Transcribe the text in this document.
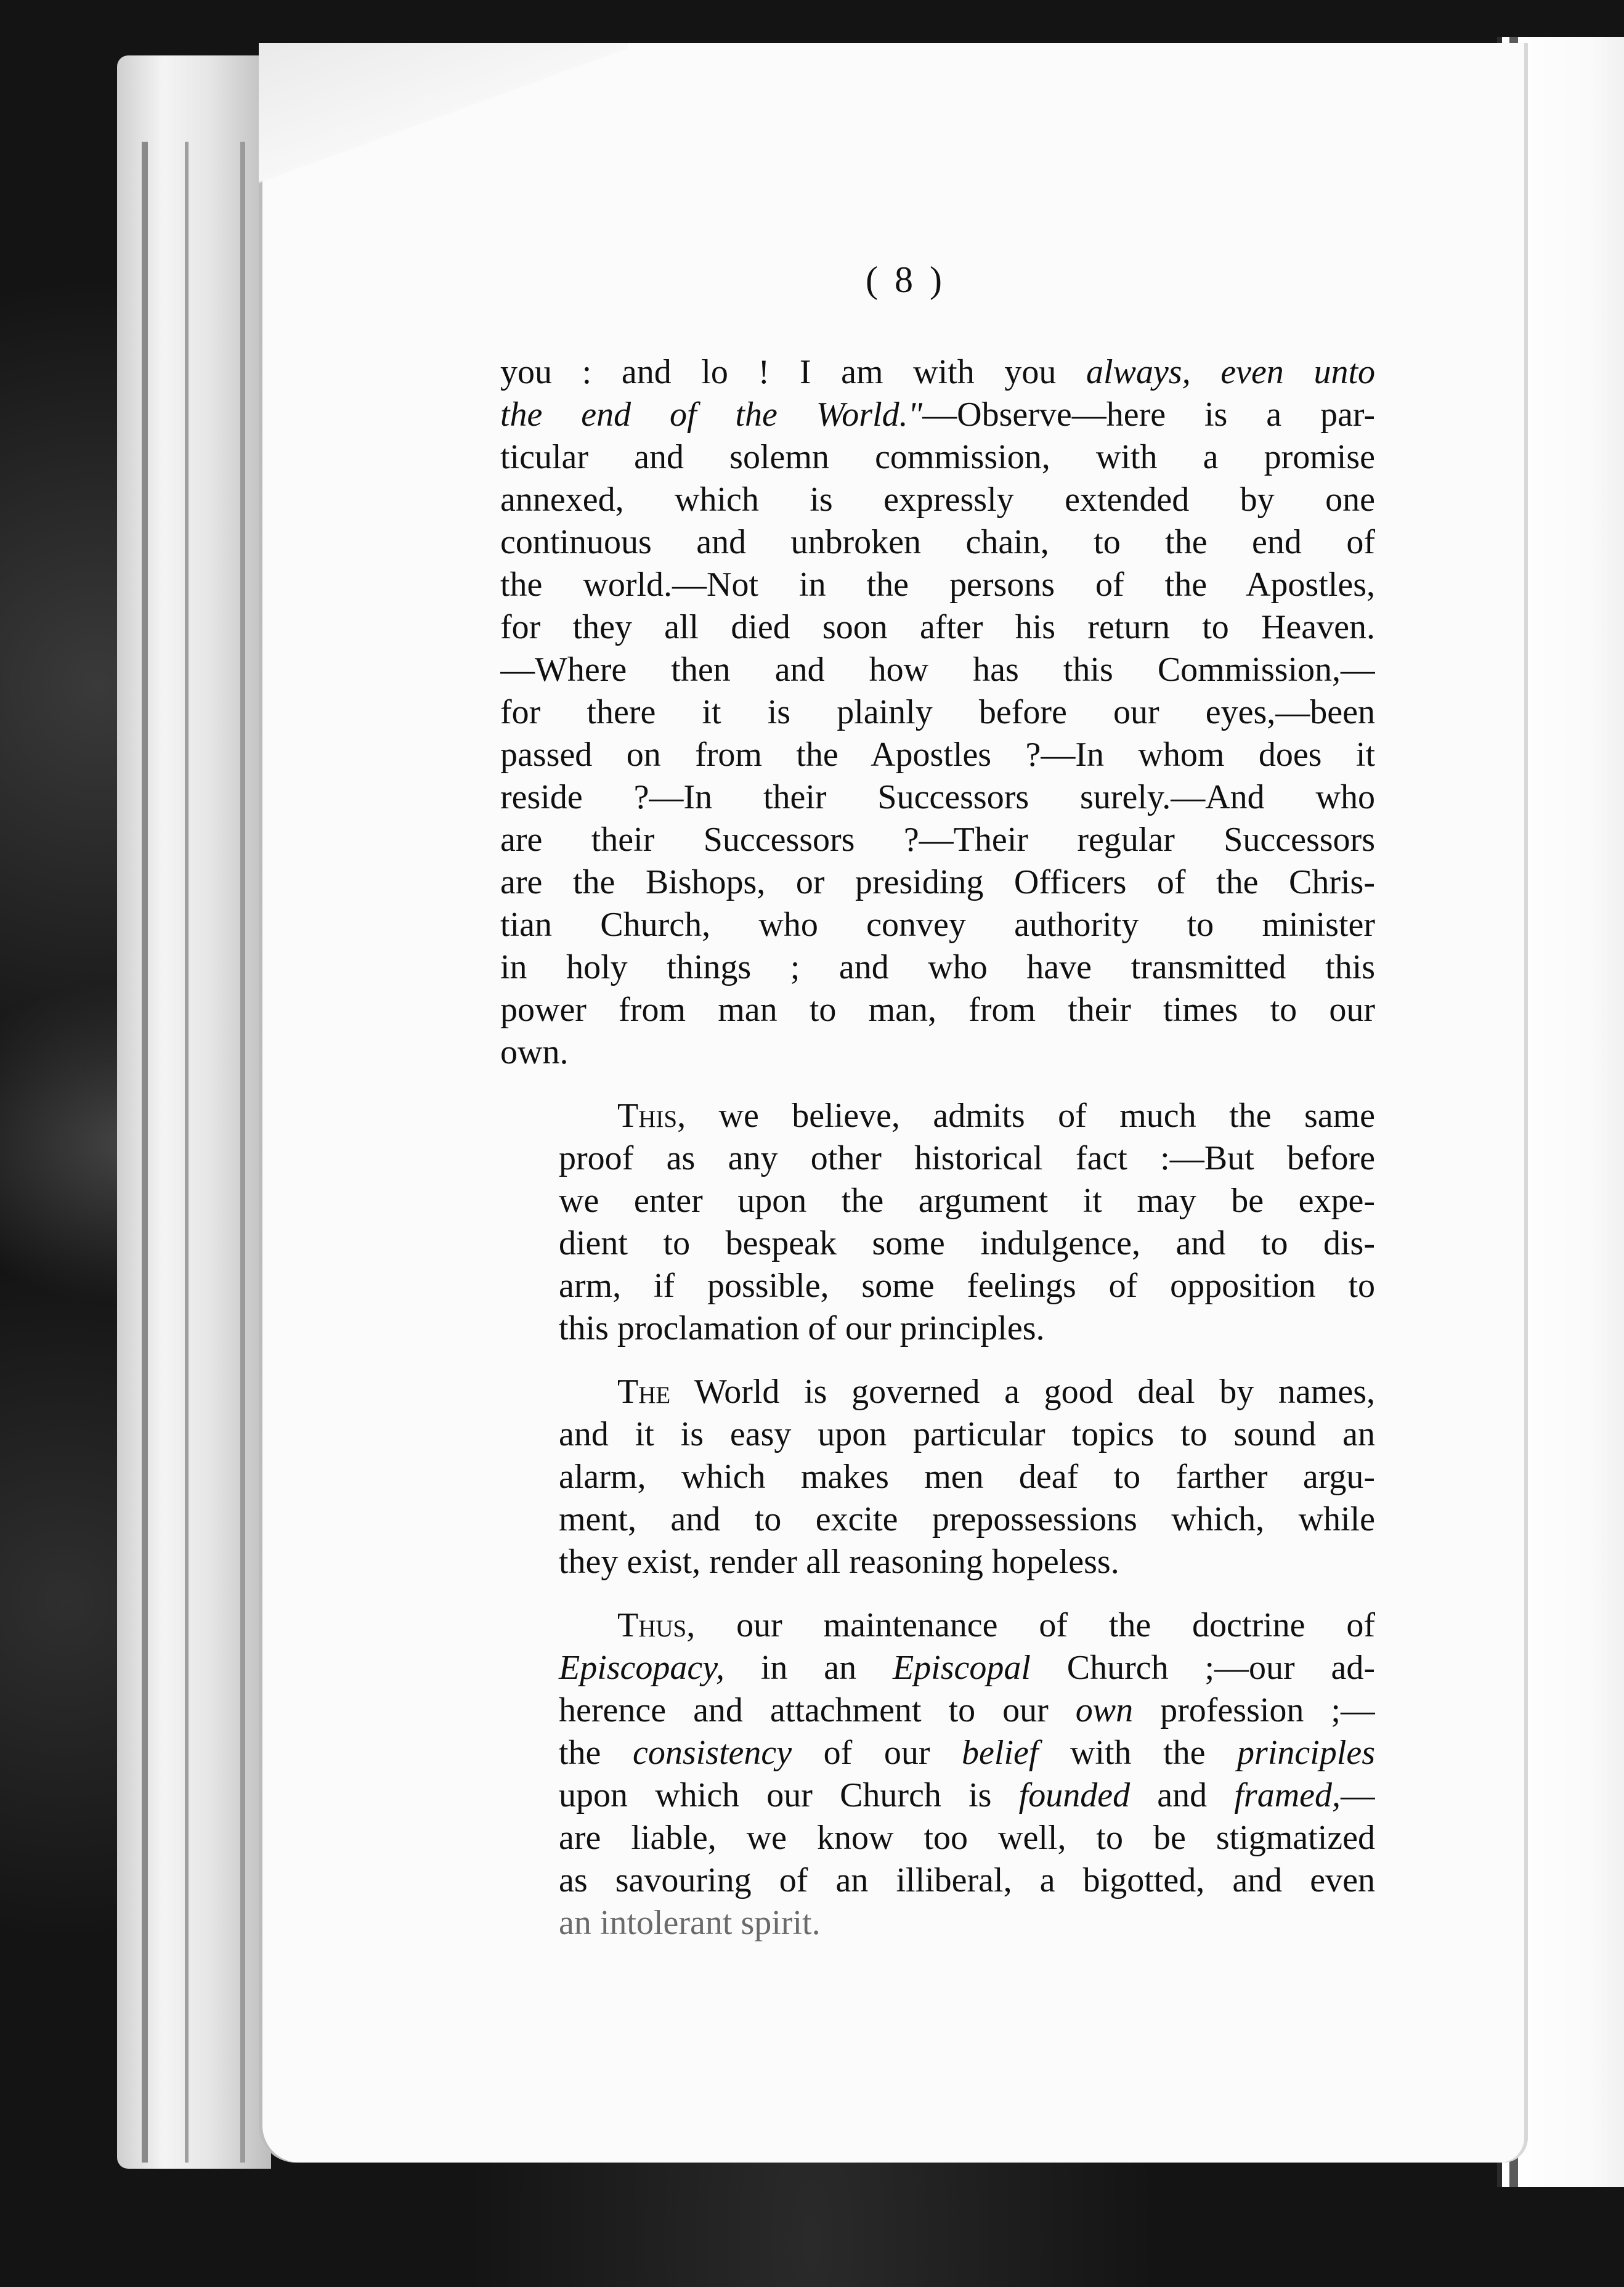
( 8 )
you : and lo ! I am with you always, even unto
the end of the World."—Observe—here is a par-
ticular and solemn commission, with a promise
annexed, which is expressly extended by one
continuous and unbroken chain, to the end of
the world.—Not in the persons of the Apostles,
for they all died soon after his return to Heaven.
—Where then and how has this Commission,—
for there it is plainly before our eyes,—been
passed on from the Apostles ?—In whom does it
reside ?—In their Successors surely.—And who
are their Successors ?—Their regular Successors
are the Bishops, or presiding Officers of the Chris-
tian Church, who convey authority to minister
in holy things ; and who have transmitted this
power from man to man, from their times to our
own.
This, we believe, admits of much the same
proof as any other historical fact :—But before
we enter upon the argument it may be expe-
dient to bespeak some indulgence, and to dis-
arm, if possible, some feelings of opposition to
this proclamation of our principles.
The World is governed a good deal by names,
and it is easy upon particular topics to sound an
alarm, which makes men deaf to farther argu-
ment, and to excite prepossessions which, while
they exist, render all reasoning hopeless.
Thus, our maintenance of the doctrine of
Episcopacy, in an Episcopal Church ;—our ad-
herence and attachment to our own profession ;—
the consistency of our belief with the principles
upon which our Church is founded and framed,—
are liable, we know too well, to be stigmatized
as savouring of an illiberal, a bigotted, and even
an intolerant spirit.
